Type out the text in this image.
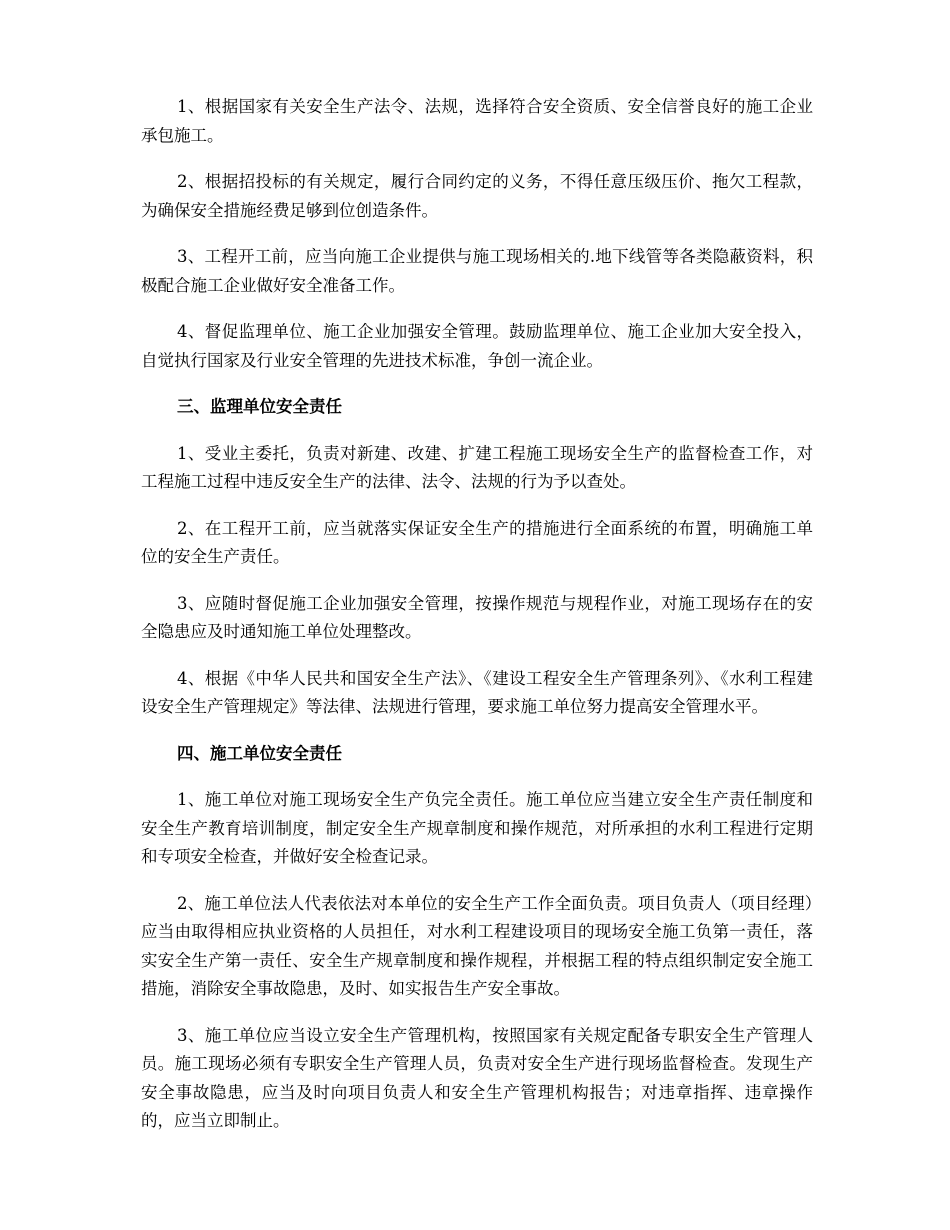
1、根据国家有关安全生产法令、法规，选择符合安全资质、安全信誉良好的施工企业承包施工。

2、根据招投标的有关规定，履行合同约定的义务，不得任意压级压价、拖欠工程款，为确保安全措施经费足够到位创造条件。

3、工程开工前，应当向施工企业提供与施工现场相关的.地下线管等各类隐蔽资料，积极配合施工企业做好安全准备工作。

4、督促监理单位、施工企业加强安全管理。鼓励监理单位、施工企业加大安全投入，自觉执行国家及行业安全管理的先进技术标准，争创一流企业。

三、监理单位安全责任

1、受业主委托，负责对新建、改建、扩建工程施工现场安全生产的监督检查工作，对工程施工过程中违反安全生产的法律、法令、法规的行为予以查处。

2、在工程开工前，应当就落实保证安全生产的措施进行全面系统的布置，明确施工单位的安全生产责任。

3、应随时督促施工企业加强安全管理，按操作规范与规程作业，对施工现场存在的安全隐患应及时通知施工单位处理整改。

4、根据《中华人民共和国安全生产法》、《建设工程安全生产管理条列》、《水利工程建设安全生产管理规定》等法律、法规进行管理，要求施工单位努力提高安全管理水平。

四、施工单位安全责任

1、施工单位对施工现场安全生产负完全责任。施工单位应当建立安全生产责任制度和安全生产教育培训制度，制定安全生产规章制度和操作规范，对所承担的水利工程进行定期和专项安全检查，并做好安全检查记录。

2、施工单位法人代表依法对本单位的安全生产工作全面负责。项目负责人（项目经理）应当由取得相应执业资格的人员担任，对水利工程建设项目的现场安全施工负第一责任，落实安全生产第一责任、安全生产规章制度和操作规程，并根据工程的特点组织制定安全施工措施，消除安全事故隐患，及时、如实报告生产安全事故。

3、施工单位应当设立安全生产管理机构，按照国家有关规定配备专职安全生产管理人员。施工现场必须有专职安全生产管理人员，负责对安全生产进行现场监督检查。发现生产 安全事故隐患，应当及时向项目负责人和安全生产管理机构报告；对违章指挥、违章操作的，应当立即制止。
